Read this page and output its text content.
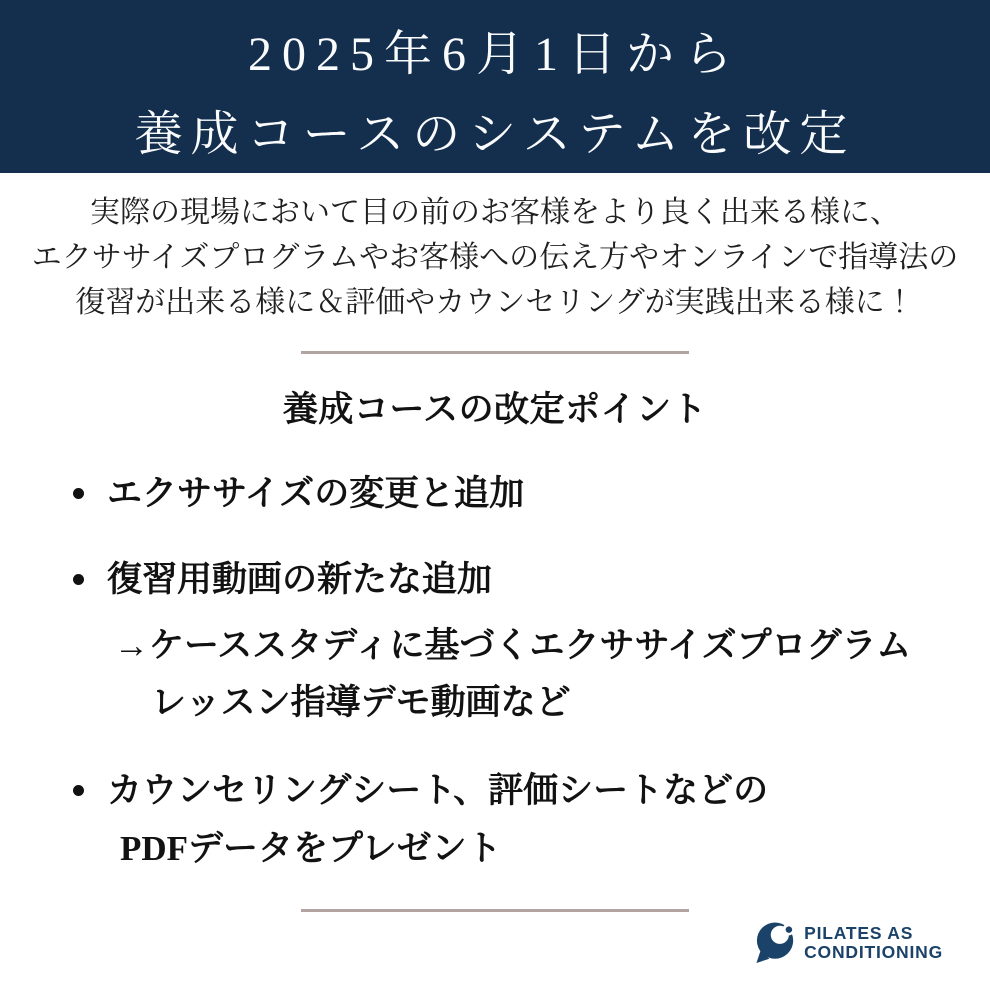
2025年6月1日から
養成コースのシステムを改定

実際の現場において目の前のお客様をより良く出来る様に、

エクササイズプログラムやお客様への伝え方やオンラインで指導法の

復習が出来る様に＆評価やカウンセリングが実践出来る様に！

養成コースの改定ポイント
エクササイズの変更と追加
復習用動画の新たな追加
→ケーススタディに基づくエクササイズプログラム
レッスン指導デモ動画など
カウンセリングシート、評価シートなどの
PDFデータをプレゼント
PILATES AS
CONDITIONING
